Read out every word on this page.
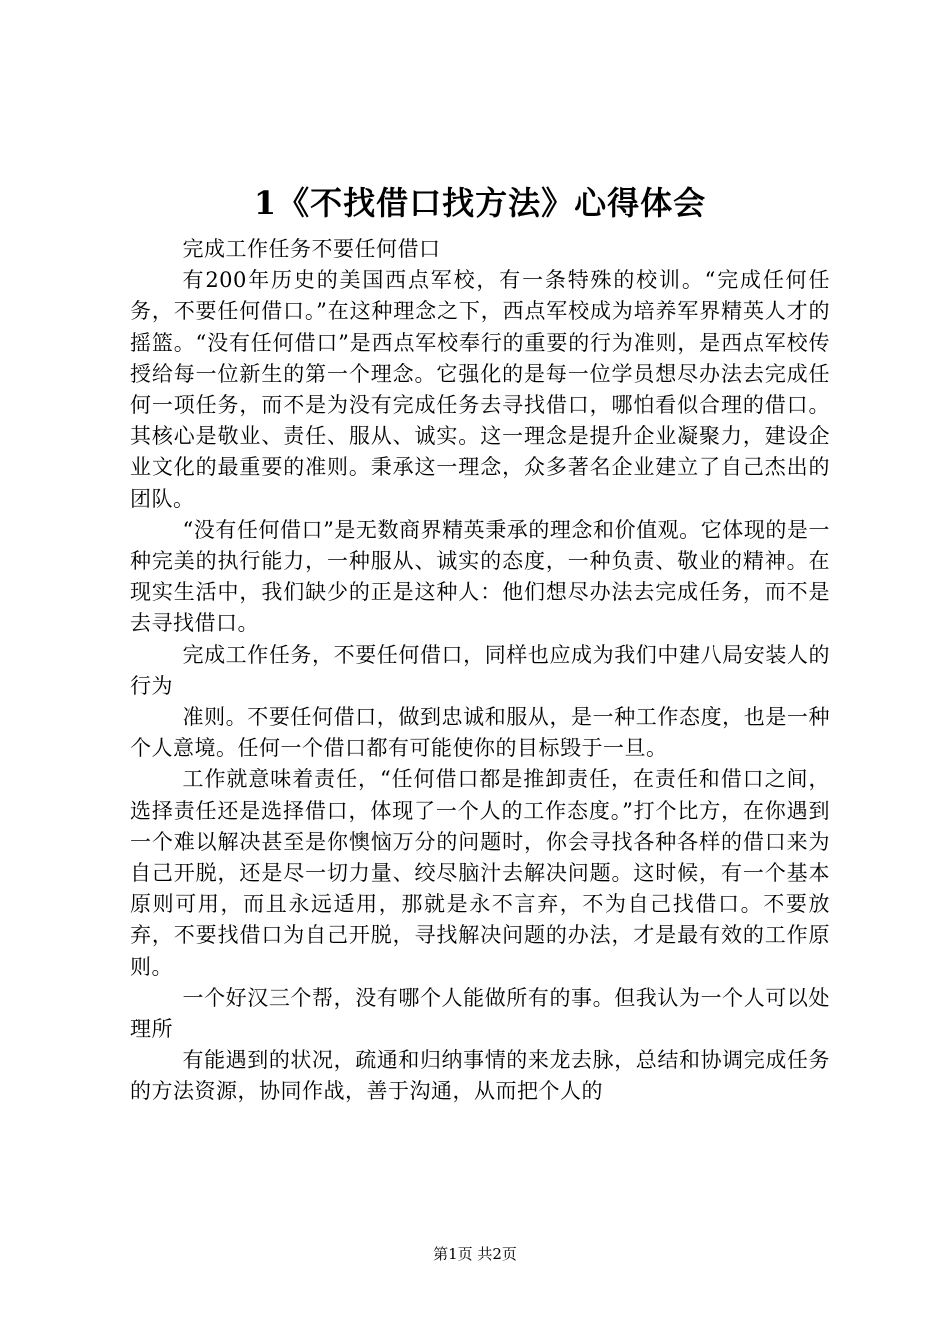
1《不找借口找方法》心得体会

完成工作任务不要任何借口

有200年历史的美国西点军校，有一条特殊的校训。“完成任何任务，不要任何借口。”在这种理念之下，西点军校成为培养军界精英人才的摇篮。“没有任何借口”是西点军校奉行的重要的行为准则，是西点军校传授给每一位新生的第一个理念。它强化的是每一位学员想尽办法去完成任何一项任务，而不是为没有完成任务去寻找借口，哪怕看似合理的借口。其核心是敬业、责任、服从、诚实。这一理念是提升企业凝聚力，建设企业文化的最重要的准则。秉承这一理念，众多著名企业建立了自己杰出的团队。

“没有任何借口”是无数商界精英秉承的理念和价值观。它体现的是一种完美的执行能力，一种服从、诚实的态度，一种负责、敬业的精神。在现实生活中，我们缺少的正是这种人：他们想尽办法去完成任务，而不是去寻找借口。

完成工作任务，不要任何借口，同样也应成为我们中建八局安装人的行为

准则。不要任何借口，做到忠诚和服从，是一种工作态度，也是一种个人意境。任何一个借口都有可能使你的目标毁于一旦。

工作就意味着责任，“任何借口都是推卸责任，在责任和借口之间，选择责任还是选择借口，体现了一个人的工作态度。”打个比方，在你遇到一个难以解决甚至是你懊恼万分的问题时，你会寻找各种各样的借口来为自己开脱，还是尽一切力量、绞尽脑汁去解决问题。这时候，有一个基本原则可用，而且永远适用，那就是永不言弃，不为自己找借口。不要放弃，不要找借口为自己开脱，寻找解决问题的办法，才是最有效的工作原则。

一个好汉三个帮，没有哪个人能做所有的事。但我认为一个人可以处理所

有能遇到的状况，疏通和归纳事情的来龙去脉，总结和协调完成任务的方法资源，协同作战，善于沟通，从而把个人的

第1页 共2页
